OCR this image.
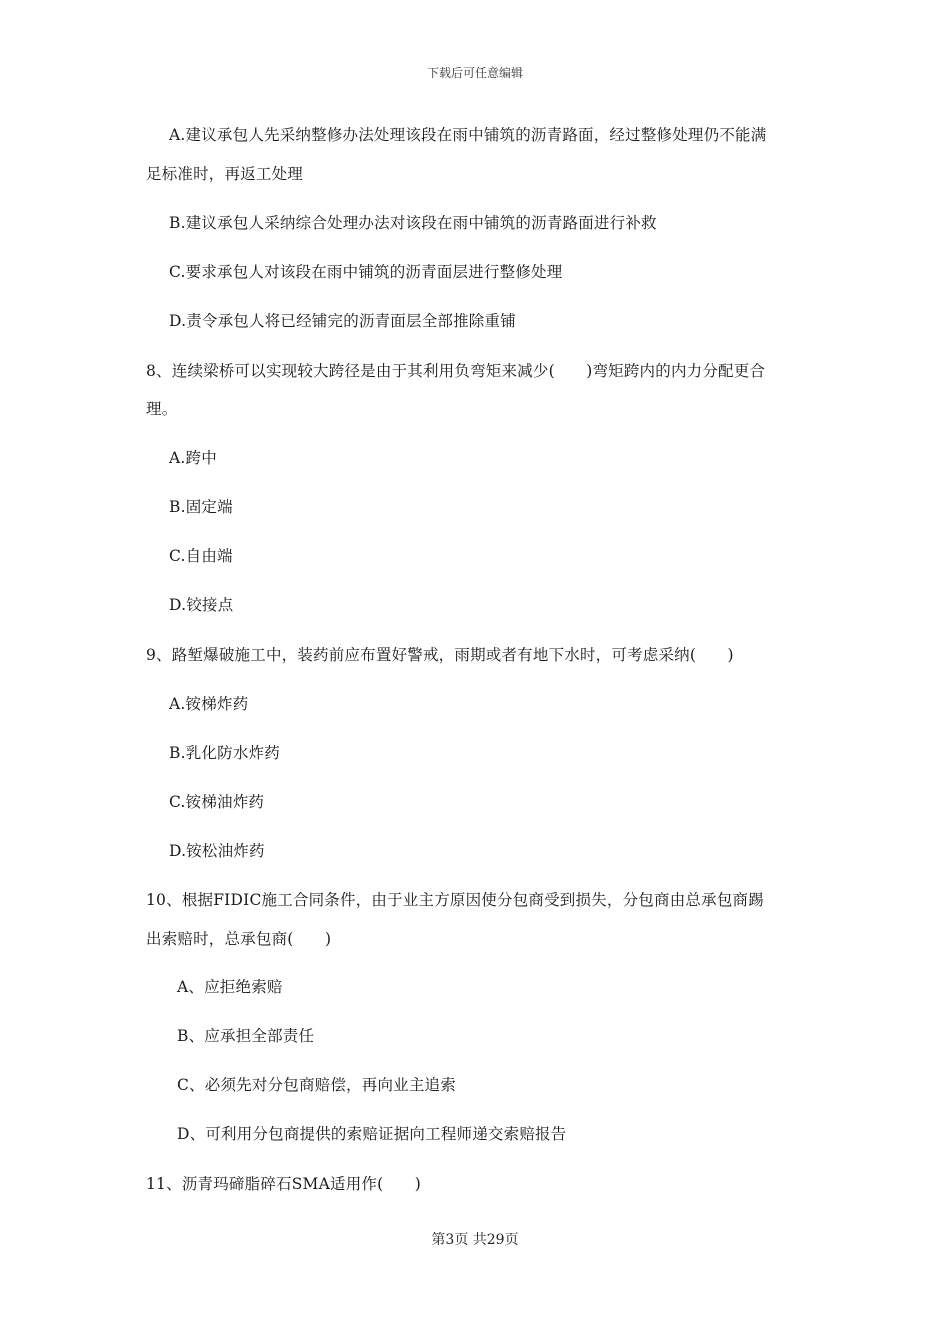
下载后可任意编辑
A.建议承包人先采纳整修办法处理该段在雨中铺筑的沥青路面，经过整修处理仍不能满
足标准时，再返工处理
B.建议承包人采纳综合处理办法对该段在雨中铺筑的沥青路面进行补救
C.要求承包人对该段在雨中铺筑的沥青面层进行整修处理
D.责令承包人将已经铺完的沥青面层全部推除重铺
8、连续梁桥可以实现较大跨径是由于其利用负弯矩来减少(　　)弯矩跨内的内力分配更合
理。
A.跨中
B.固定端
C.自由端
D.铰接点
9、路堑爆破施工中，装药前应布置好警戒，雨期或者有地下水时，可考虑采纳(　　)
A.铵梯炸药
B.乳化防水炸药
C.铵梯油炸药
D.铵松油炸药
10、根据FIDIC施工合同条件，由于业主方原因使分包商受到损失，分包商由总承包商踢
出索赔时，总承包商(　　)
A、应拒绝索赔
B、应承担全部责任
C、必须先对分包商赔偿，再向业主追索
D、可利用分包商提供的索赔证据向工程师递交索赔报告
11、沥青玛碲脂碎石SMA适用作(　　)
第3页 共29页
